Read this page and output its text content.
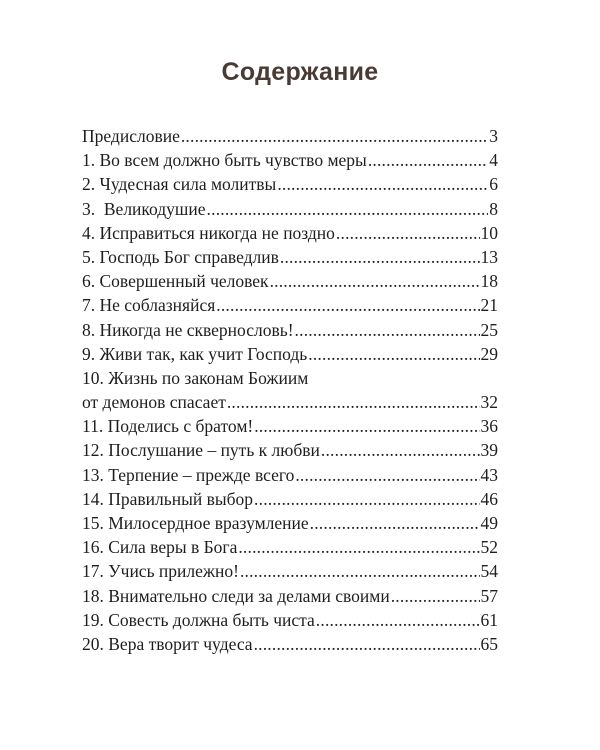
Содержание
Предисловие .....	3
1. Во всем должно быть чувство меры .....	4
2. Чудесная сила молитвы .....	6
3.  Великодушие .....	8
4. Исправиться никогда не поздно .....	10
5. Господь Бог справедлив .....	13
6. Совершенный человек .....	18
7. Не соблазняйся .....	21
8. Никогда не сквернословь! .....	25
9. Живи так, как учит Господь .....	29
10. Жизнь по законам Божиим
от демонов спасает .....	32
11. Поделись с братом! .....	36
12. Послушание – путь к любви .....	39
13. Терпение – прежде всего .....	43
14. Правильный выбор .....	46
15. Милосердное вразумление .....	49
16. Сила веры в Бога .....	52
17. Учись прилежно! .....	54
18. Внимательно следи за делами своими .....	57
19. Совесть должна быть чиста .....	61
20. Вера творит чудеса .....	65
